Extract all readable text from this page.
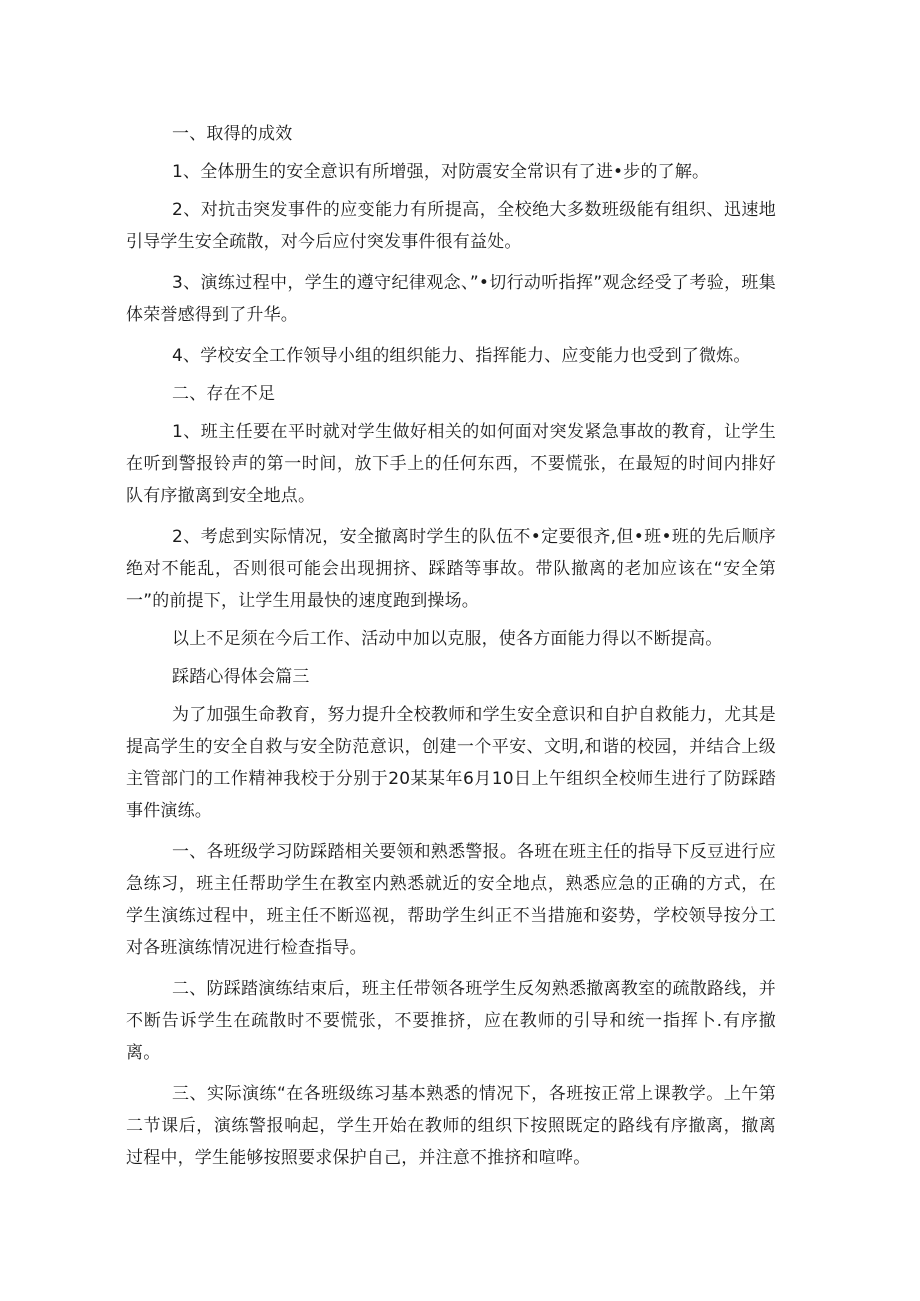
一、取得的成效

1、全体册生的安全意识有所增强，对防震安全常识有了进•步的了解。

2、对抗击突发事件的应变能力有所提高，全校绝大多数班级能有组织、迅速地引导学生安全疏散，对今后应付突发事件很有益处。

3、演练过程中，学生的遵守纪律观念、”•切行动听指挥”观念经受了考验，班集体荣誉感得到了升华。

4、学校安全工作领导小组的组织能力、指挥能力、应变能力也受到了微炼。

二、存在不足

1、班主任要在平时就对学生做好相关的如何面对突发紧急事故的教育，让学生在听到警报铃声的第一时间，放下手上的任何东西，不要慌张，在最短的时间内排好队有序撤离到安全地点。

2、考虑到实际情况，安全撤离时学生的队伍不•定要很齐,但•班•班的先后顺序绝对不能乱，否则很可能会出现拥挤、踩踏等事故。带队撤离的老加应该在“安全第一”的前提下，让学生用最快的速度跑到操场。

以上不足须在今后工作、活动中加以克服，使各方面能力得以不断提高。

踩踏心得体会篇三

为了加强生命教育，努力提升全校教师和学生安全意识和自护自救能力，尤其是提高学生的安全自救与安全防范意识，创建一个平安、文明,和谐的校园，并结合上级主管部门的工作精神我校于分别于20某某年6月10日上午组织全校师生进行了防踩踏事件演练。

一、各班级学习防踩踏相关要领和熟悉警报。各班在班主任的指导下反豆进行应急练习，班主任帮助学生在教室内熟悉就近的安全地点，熟悉应急的正确的方式，在学生演练过程中，班主任不断巡视，帮助学生纠正不当措施和姿势，学校领导按分工对各班演练情况进行检查指导。

二、防踩踏演练结束后，班主任带领各班学生反匆熟悉撤离教室的疏散路线，并不断告诉学生在疏散时不要慌张，不要推挤，应在教师的引导和统一指挥卜.有序撤离。

三、实际演练“在各班级练习基本熟悉的情况下，各班按正常上课教学。上午第二节课后，演练警报响起，学生开始在教师的组织下按照既定的路线有序撤离，撤离过程中，学生能够按照要求保护自己，并注意不推挤和喧哗。
